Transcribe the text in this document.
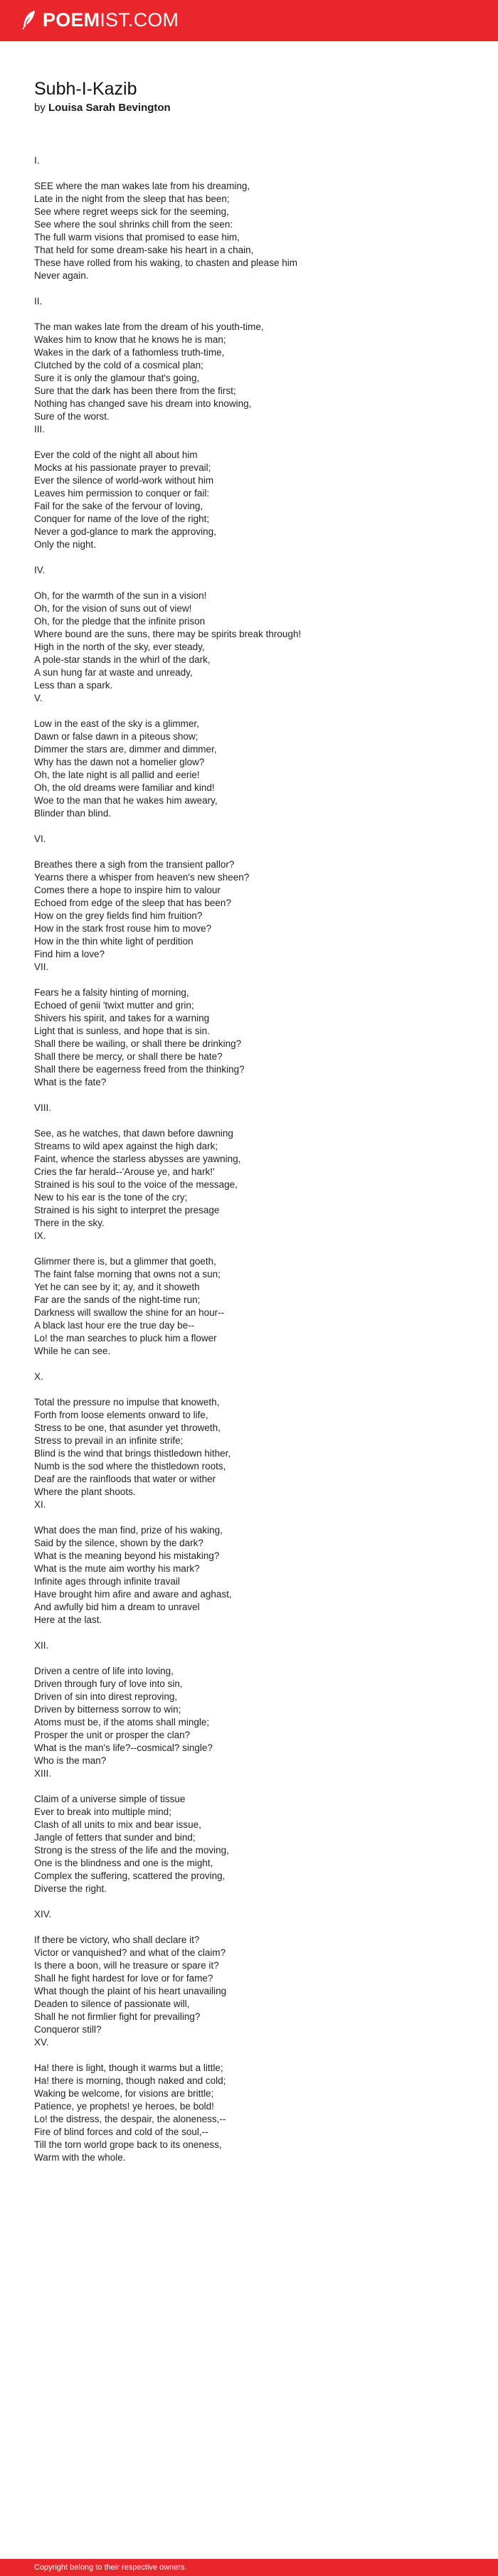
POEMIST.COM
Subh-I-Kazib
by Louisa Sarah Bevington
I.
SEE where the man wakes late from his dreaming,
Late in the night from the sleep that has been;
See where regret weeps sick for the seeming,
See where the soul shrinks chill from the seen:
The full warm visions that promised to ease him,
That held for some dream-sake his heart in a chain,
These have rolled from his waking, to chasten and please him
Never again.
II.
The man wakes late from the dream of his youth-time,
Wakes him to know that he knows he is man;
Wakes in the dark of a fathomless truth-time,
Clutched by the cold of a cosmical plan;
Sure it is only the glamour that's going,
Sure that the dark has been there from the first;
Nothing has changed save his dream into knowing,
Sure of the worst.
III.
Ever the cold of the night all about him
Mocks at his passionate prayer to prevail;
Ever the silence of world-work without him
Leaves him permission to conquer or fail:
Fail for the sake of the fervour of loving,
Conquer for name of the love of the right;
Never a god-glance to mark the approving,
Only the night.
IV.
Oh, for the warmth of the sun in a vision!
Oh, for the vision of suns out of view!
Oh, for the pledge that the infinite prison
Where bound are the suns, there may be spirits break through!
High in the north of the sky, ever steady,
A pole-star stands in the whirl of the dark,
A sun hung far at waste and unready,
Less than a spark.
V.
Low in the east of the sky is a glimmer,
Dawn or false dawn in a piteous show;
Dimmer the stars are, dimmer and dimmer,
Why has the dawn not a homelier glow?
Oh, the late night is all pallid and eerie!
Oh, the old dreams were familiar and kind!
Woe to the man that he wakes him aweary,
Blinder than blind.
VI.
Breathes there a sigh from the transient pallor?
Yearns there a whisper from heaven's new sheen?
Comes there a hope to inspire him to valour
Echoed from edge of the sleep that has been?
How on the grey fields find him fruition?
How in the stark frost rouse him to move?
How in the thin white light of perdition
Find him a love?
VII.
Fears he a falsity hinting of morning,
Echoed of genii 'twixt mutter and grin;
Shivers his spirit, and takes for a warning
Light that is sunless, and hope that is sin.
Shall there be wailing, or shall there be drinking?
Shall there be mercy, or shall there be hate?
Shall there be eagerness freed from the thinking?
What is the fate?
VIII.
See, as he watches, that dawn before dawning
Streams to wild apex against the high dark;
Faint, whence the starless abysses are yawning,
Cries the far herald--'Arouse ye, and hark!'
Strained is his soul to the voice of the message,
New to his ear is the tone of the cry;
Strained is his sight to interpret the presage
There in the sky.
IX.
Glimmer there is, but a glimmer that goeth,
The faint false morning that owns not a sun;
Yet he can see by it; ay, and it showeth
Far are the sands of the night-time run;
Darkness will swallow the shine for an hour--
A black last hour ere the true day be--
Lo! the man searches to pluck him a flower
While he can see.
X.
Total the pressure no impulse that knoweth,
Forth from loose elements onward to life,
Stress to be one, that asunder yet throweth,
Stress to prevail in an infinite strife;
Blind is the wind that brings thistledown hither,
Numb is the sod where the thistledown roots,
Deaf are the rainfloods that water or wither
Where the plant shoots.
XI.
What does the man find, prize of his waking,
Said by the silence, shown by the dark?
What is the meaning beyond his mistaking?
What is the mute aim worthy his mark?
Infinite ages through infinite travail
Have brought him afire and aware and aghast,
And awfully bid him a dream to unravel
Here at the last.
XII.
Driven a centre of life into loving,
Driven through fury of love into sin,
Driven of sin into direst reproving,
Driven by bitterness sorrow to win;
Atoms must be, if the atoms shall mingle;
Prosper the unit or prosper the clan?
What is the man's life?--cosmical? single?
Who is the man?
XIII.
Claim of a universe simple of tissue
Ever to break into multiple mind;
Clash of all units to mix and bear issue,
Jangle of fetters that sunder and bind;
Strong is the stress of the life and the moving,
One is the blindness and one is the might,
Complex the suffering, scattered the proving,
Diverse the right.
XIV.
If there be victory, who shall declare it?
Victor or vanquished? and what of the claim?
Is there a boon, will he treasure or spare it?
Shall he fight hardest for love or for fame?
What though the plaint of his heart unavailing
Deaden to silence of passionate will,
Shall he not firmlier fight for prevailing?
Conqueror still?
XV.
Ha! there is light, though it warms but a little;
Ha! there is morning, though naked and cold;
Waking be welcome, for visions are brittle;
Patience, ye prophets! ye heroes, be bold!
Lo! the distress, the despair, the aloneness,--
Fire of blind forces and cold of the soul,--
Till the torn world grope back to its oneness,
Warm with the whole.
Copyright belong to their respective owners.
